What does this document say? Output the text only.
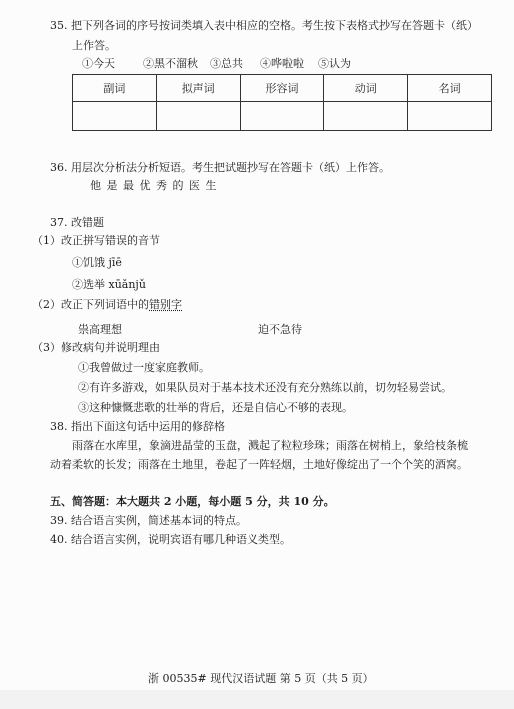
35. 把下列各词的序号按词类填入表中相应的空格。考生按下表格式抄写在答题卡（纸）
上作答。
①今天	②黑不溜秋 ③总共 ④哗啦啦 ⑤认为
副词	拟声词	形容词	动词	名词

36. 用层次分析法分析短语。考生把试题抄写在答题卡（纸）上作答。
他 是 最 优 秀 的 医 生
37. 改错题
（1）改正拼写错误的音节
①饥饿 jīē
②选举 xūǎnjǔ
（2）改正下列词语中的错别字
祟高理想	迫不急待
（3）修改病句并说明理由
①我曾做过一度家庭教师。
②有许多游戏，如果队员对于基本技术还没有充分熟练以前，切勿轻易尝试。
③这种慷慨悲歌的壮举的背后，还是自信心不够的表现。
38. 指出下面这句话中运用的修辞格
雨落在水库里，象滴进晶莹的玉盘，溅起了粒粒珍珠；雨落在树梢上，象给枝条梳
动着柔软的长发；雨落在土地里，卷起了一阵轻烟，土地好像绽出了一个个笑的酒窝。
五、简答题：本大题共 2 小题，每小题 5 分，共 10 分。
39. 结合语言实例，简述基本词的特点。
40. 结合语言实例，说明宾语有哪几种语义类型。
浙 00535# 现代汉语试题 第 5 页（共 5 页）
